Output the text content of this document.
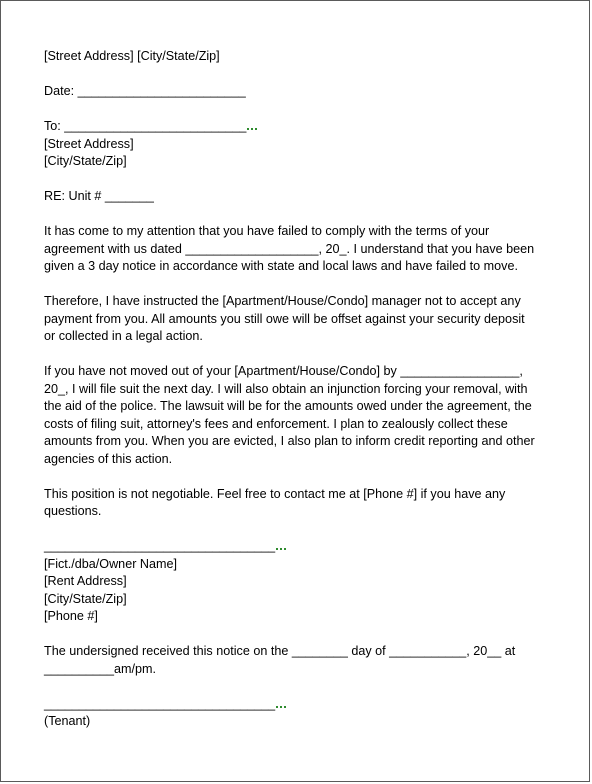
[Street Address] [City/State/Zip]
Date: ________________________
To: __________________________
[Street Address]
[City/State/Zip]
RE: Unit # _______
It has come to my attention that you have failed to comply with the terms of your
agreement with us dated ___________________, 20_. I understand that you have been
given a 3 day notice in accordance with state and local laws and have failed to move.
Therefore, I have instructed the [Apartment/House/Condo] manager not to accept any
payment from you. All amounts you still owe will be offset against your security deposit
or collected in a legal action.
If you have not moved out of your [Apartment/House/Condo] by _________________,
20_, I will file suit the next day. I will also obtain an injunction forcing your removal, with
the aid of the police. The lawsuit will be for the amounts owed under the agreement, the
costs of filing suit, attorney's fees and enforcement. I plan to zealously collect these
amounts from you. When you are evicted, I also plan to inform credit reporting and other
agencies of this action.
This position is not negotiable. Feel free to contact me at [Phone #] if you have any
questions.
_________________________________
[Fict./dba/Owner Name]
[Rent Address]
[City/State/Zip]
[Phone #]
The undersigned received this notice on the ________ day of ___________, 20__ at
__________am/pm.
_________________________________
(Tenant)
